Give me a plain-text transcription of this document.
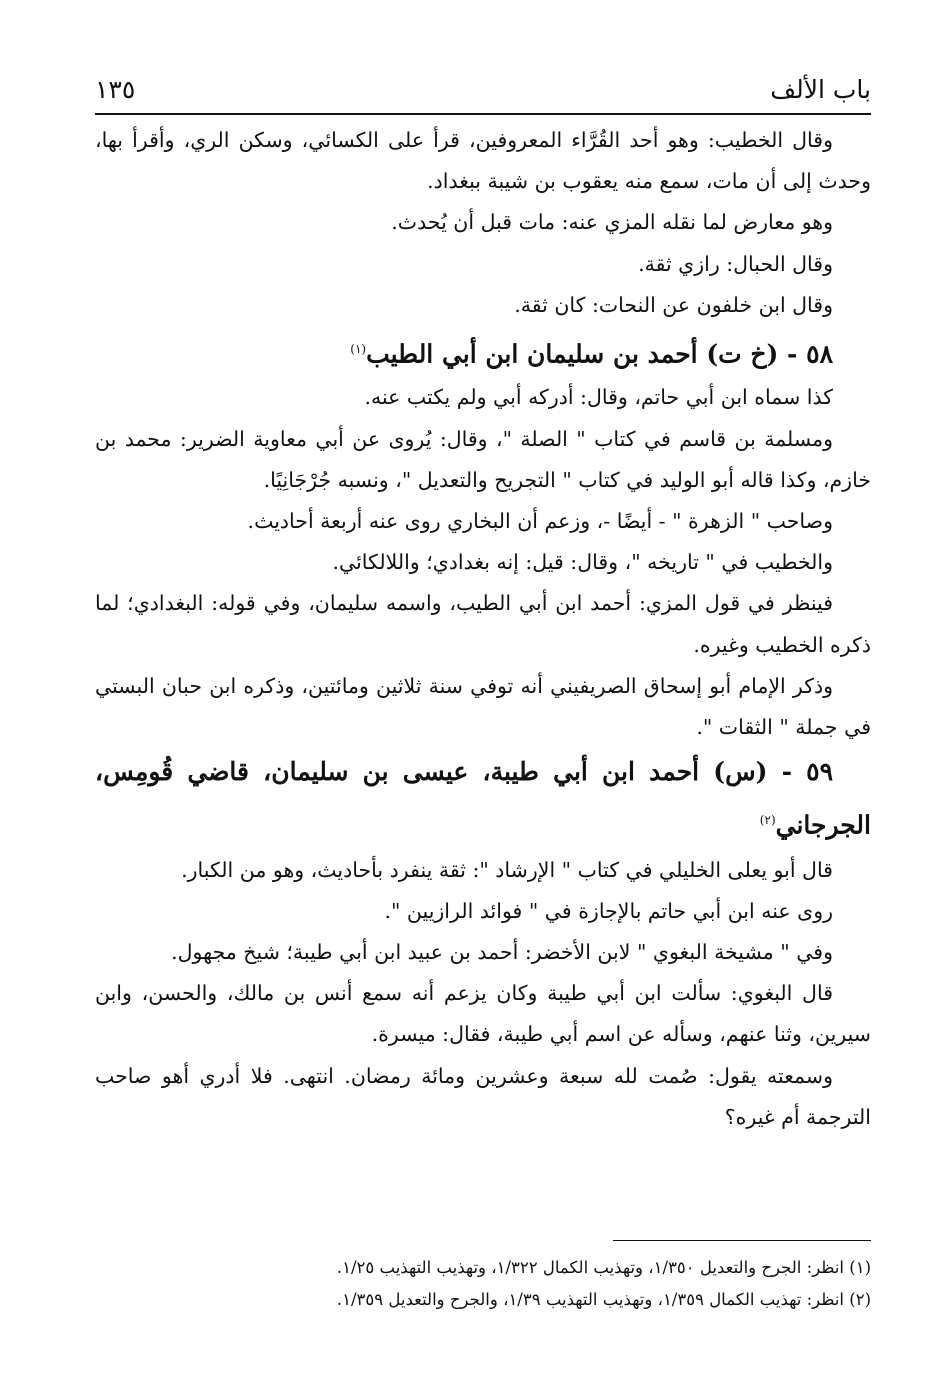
باب الألف
١٣٥

وقال الخطيب: وهو أحد القُرَّاء المعروفين، قرأ على الكسائي، وسكن الري، وأقرأ بها، وحدث إلى أن مات، سمع منه يعقوب بن شيبة ببغداد.

وهو معارض لما نقله المزي عنه: مات قبل أن يُحدث.

وقال الحبال: رازي ثقة.

وقال ابن خلفون عن النحات: كان ثقة.

٥٨ - (خ ت) أحمد بن سليمان ابن أبي الطيب$^{(١)}$

كذا سماه ابن أبي حاتم، وقال: أدركه أبي ولم يكتب عنه.

ومسلمة بن قاسم في كتاب " الصلة "، وقال: يُروى عن أبي معاوية الضرير: محمد بن خازم، وكذا قاله أبو الوليد في كتاب " التجريح والتعديل "، ونسبه جُرْجَانِيًا.

وصاحب " الزهرة " - أيضًا -، وزعم أن البخاري روى عنه أربعة أحاديث.

والخطيب في " تاريخه "، وقال: قيل: إنه بغدادي؛ واللالكائي.

فينظر في قول المزي: أحمد ابن أبي الطيب، واسمه سليمان، وفي قوله: البغدادي؛ لما ذكره الخطيب وغيره.

وذكر الإمام أبو إسحاق الصريفيني أنه توفي سنة ثلاثين ومائتين، وذكره ابن حبان البستي في جملة " الثقات ".

٥٩ - (س) أحمد ابن أبي طيبة، عيسى بن سليمان، قاضي قُومِس، الجرجاني$^{(٢)}$

قال أبو يعلى الخليلي في كتاب " الإرشاد ": ثقة ينفرد بأحاديث، وهو من الكبار.

روى عنه ابن أبي حاتم بالإجازة في " فوائد الرازيين ".

وفي " مشيخة البغوي " لابن الأخضر: أحمد بن عبيد ابن أبي طيبة؛ شيخ مجهول.

قال البغوي: سألت ابن أبي طيبة وكان يزعم أنه سمع أنس بن مالك، والحسن، وابن سيرين، وثنا عنهم، وسأله عن اسم أبي طيبة، فقال: ميسرة.

وسمعته يقول: صُمت لله سبعة وعشرين ومائة رمضان. انتهى. فلا أدري أهو صاحب الترجمة أم غيره؟

(١) انظر: الجرح والتعديل ١/٣٥٠، وتهذيب الكمال ١/٣٢٢، وتهذيب التهذيب ١/٢٥.

(٢) انظر: تهذيب الكمال ١/٣٥٩، وتهذيب التهذيب ١/٣٩، والجرح والتعديل ١/٣٥٩.
